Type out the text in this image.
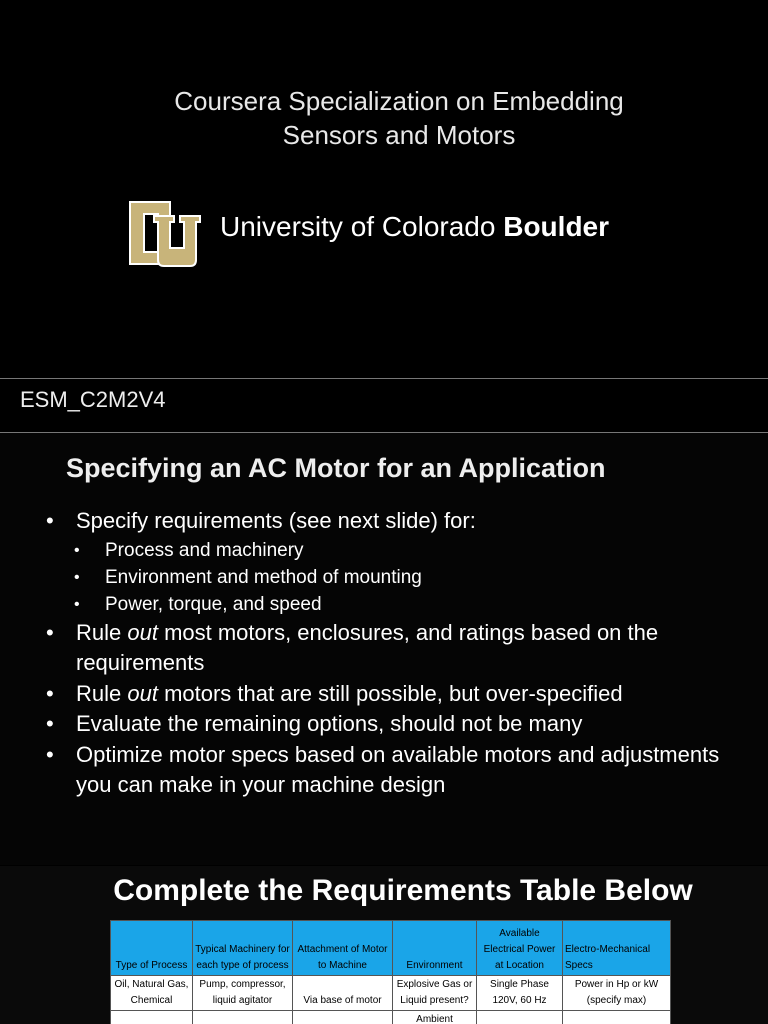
Coursera Specialization on Embedding
Sensors and Motors
University of Colorado Boulder
ESM_C2M2V4
Specifying an AC Motor for an Application
• Specify requirements (see next slide) for:
• Process and machinery
• Environment and method of mounting
• Power, torque, and speed
• Rule out most motors, enclosures, and ratings based on the requirements
• Rule out motors that are still possible, but over-specified
• Evaluate the remaining options, should not be many
• Optimize motor specs based on available motors and adjustments you can make in your machine design
Complete the Requirements Table Below
Type of Process	Typical Machinery for each type of process	Attachment of Motor to Machine	Environment	Available Electrical Power at Location	Electro-Mechanical Specs
Oil, Natural Gas, Chemical	Pump, compressor, liquid agitator	Via base of motor	Explosive Gas or Liquid present?	Single Phase 120V, 60 Hz	Power in Hp or kW (specify max)
			Ambient		
